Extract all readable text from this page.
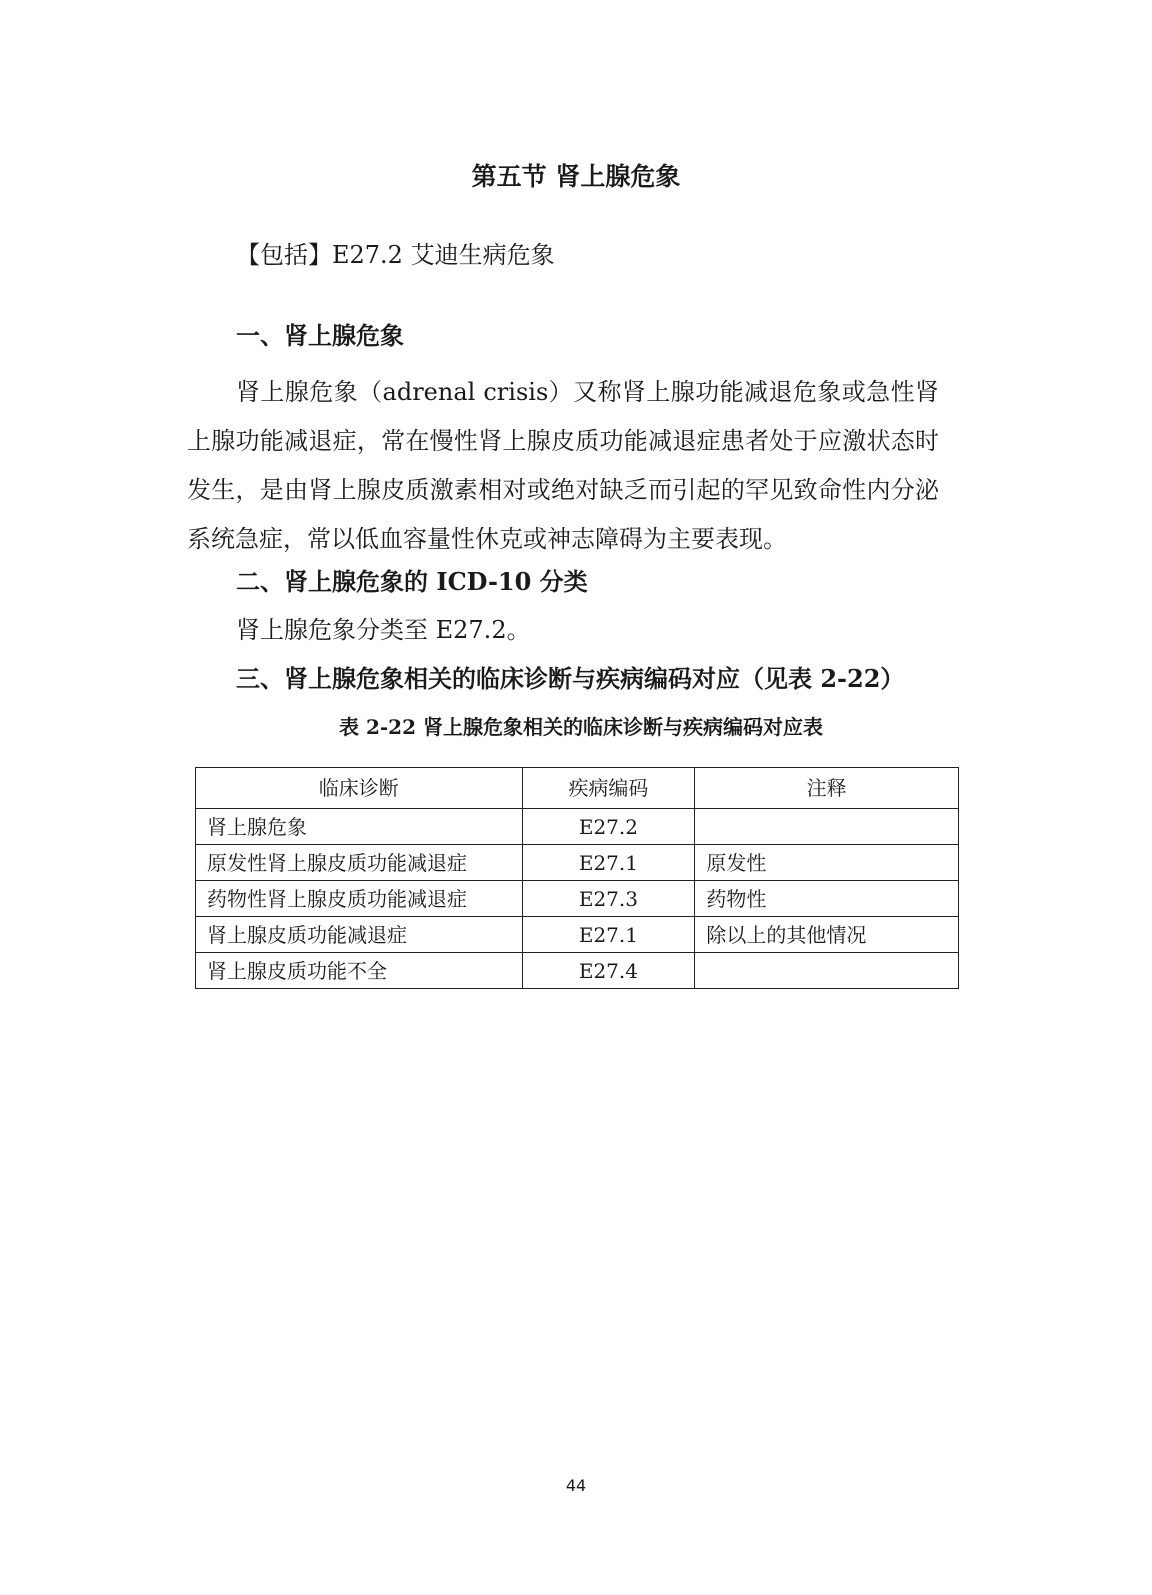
第五节 肾上腺危象
【包括】E27.2 艾迪生病危象
一、肾上腺危象
肾上腺危象（adrenal crisis）又称肾上腺功能减退危象或急性肾上腺功能减退症，常在慢性肾上腺皮质功能减退症患者处于应激状态时发生，是由肾上腺皮质激素相对或绝对缺乏而引起的罕见致命性内分泌系统急症，常以低血容量性休克或神志障碍为主要表现。
二、肾上腺危象的 ICD-10 分类
肾上腺危象分类至 E27.2。
三、肾上腺危象相关的临床诊断与疾病编码对应（见表 2-22）
表 2-22 肾上腺危象相关的临床诊断与疾病编码对应表
临床诊断	疾病编码	注释
肾上腺危象	E27.2	
原发性肾上腺皮质功能减退症	E27.1	原发性
药物性肾上腺皮质功能减退症	E27.3	药物性
肾上腺皮质功能减退症	E27.1	除以上的其他情况
肾上腺皮质功能不全	E27.4	
44
